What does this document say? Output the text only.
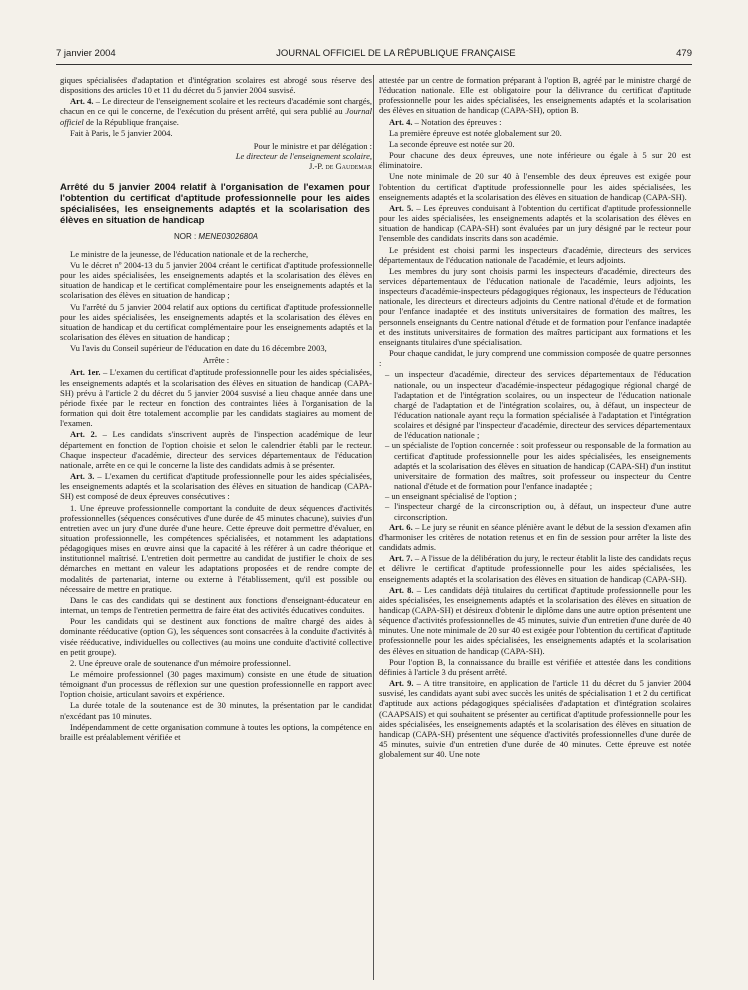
7 janvier 2004	JOURNAL OFFICIEL DE LA RÉPUBLIQUE FRANÇAISE	479

giques spécialisées d'adaptation et d'intégration scolaires est abrogé sous réserve des dispositions des articles 10 et 11 du décret du 5 janvier 2004 susvisé.

Art. 4. – Le directeur de l'enseignement scolaire et les recteurs d'académie sont chargés, chacun en ce qui le concerne, de l'exécution du présent arrêté, qui sera publié au Journal officiel de la République française.

Fait à Paris, le 5 janvier 2004.

Pour le ministre et par délégation :

Le directeur de l'enseignement scolaire,

J.-P. de Gaudemar

Arrêté du 5 janvier 2004 relatif à l'organisation de l'examen pour l'obtention du certificat d'aptitude professionnelle pour les aides spécialisées, les enseignements adaptés et la scolarisation des élèves en situation de handicap
NOR : MENE0302680A

Le ministre de la jeunesse, de l'éducation nationale et de la recherche,

Vu le décret nº 2004-13 du 5 janvier 2004 créant le certificat d'aptitude professionnelle pour les aides spécialisées, les enseignements adaptés et la scolarisation des élèves en situation de handicap et le certificat complémentaire pour les enseignements adaptés et la scolarisation des élèves en situation de handicap ;

Vu l'arrêté du 5 janvier 2004 relatif aux options du certificat d'aptitude professionnelle pour les aides spécialisées, les enseignements adaptés et la scolarisation des élèves en situation de handicap et du certificat complémentaire pour les enseignements adaptés et la scolarisation des élèves en situation de handicap ;

Vu l'avis du Conseil supérieur de l'éducation en date du 16 décembre 2003,

Arrête :

Art. 1er. – L'examen du certificat d'aptitude professionnelle pour les aides spécialisées, les enseignements adaptés et la scolarisation des élèves en situation de handicap (CAPA-SH) prévu à l'article 2 du décret du 5 janvier 2004 susvisé a lieu chaque année dans une période fixée par le recteur en fonction des contraintes liées à l'organisation de la formation qui doit être totalement accomplie par les candidats stagiaires au moment de l'examen.

Art. 2. – Les candidats s'inscrivent auprès de l'inspection académique de leur département en fonction de l'option choisie et selon le calendrier établi par le recteur. Chaque inspecteur d'académie, directeur des services départementaux de l'éducation nationale, arrête en ce qui le concerne la liste des candidats admis à se présenter.

Art. 3. – L'examen du certificat d'aptitude professionnelle pour les aides spécialisées, les enseignements adaptés et la scolarisation des élèves en situation de handicap (CAPA-SH) est composé de deux épreuves consécutives :

1. Une épreuve professionnelle comportant la conduite de deux séquences d'activités professionnelles (séquences consécutives d'une durée de 45 minutes chacune), suivies d'un entretien avec un jury d'une durée d'une heure. Cette épreuve doit permettre d'évaluer, en situation professionnelle, les compétences spécialisées, et notamment les adaptations pédagogiques mises en œuvre ainsi que la capacité à les référer à un cadre théorique et institutionnel maîtrisé. L'entretien doit permettre au candidat de justifier le choix de ses démarches en mettant en valeur les adaptations proposées et de rendre compte de modalités de partenariat, interne ou externe à l'établissement, qu'il est possible ou nécessaire de mettre en pratique.

Dans le cas des candidats qui se destinent aux fonctions d'enseignant-éducateur en internat, un temps de l'entretien permettra de faire état des activités éducatives conduites.

Pour les candidats qui se destinent aux fonctions de maître chargé des aides à dominante rééducative (option G), les séquences sont consacrées à la conduite d'activités à visée rééducative, individuelles ou collectives (au moins une conduite d'activité collective en petit groupe).

2. Une épreuve orale de soutenance d'un mémoire professionnel.

Le mémoire professionnel (30 pages maximum) consiste en une étude de situation témoignant d'un processus de réflexion sur une question professionnelle en rapport avec l'option choisie, articulant savoirs et expérience.

La durée totale de la soutenance est de 30 minutes, la présentation par le candidat n'excédant pas 10 minutes.

Indépendamment de cette organisation commune à toutes les options, la compétence en braille est préalablement vérifiée et

attestée par un centre de formation préparant à l'option B, agréé par le ministre chargé de l'éducation nationale. Elle est obligatoire pour la délivrance du certificat d'aptitude professionnelle pour les aides spécialisées, les enseignements adaptés et la scolarisation des élèves en situation de handicap (CAPA-SH), option B.

Art. 4. – Notation des épreuves :

La première épreuve est notée globalement sur 20.

La seconde épreuve est notée sur 20.

Pour chacune des deux épreuves, une note inférieure ou égale à 5 sur 20 est éliminatoire.

Une note minimale de 20 sur 40 à l'ensemble des deux épreuves est exigée pour l'obtention du certificat d'aptitude professionnelle pour les aides spécialisées, les enseignements adaptés et la scolarisation des élèves en situation de handicap (CAPA-SH).

Art. 5. – Les épreuves conduisant à l'obtention du certificat d'aptitude professionnelle pour les aides spécialisées, les enseignements adaptés et la scolarisation des élèves en situation de handicap (CAPA-SH) sont évaluées par un jury désigné par le recteur pour l'ensemble des candidats inscrits dans son académie.

Le président est choisi parmi les inspecteurs d'académie, directeurs des services départementaux de l'éducation nationale de l'académie, et leurs adjoints.

Les membres du jury sont choisis parmi les inspecteurs d'académie, directeurs des services départementaux de l'éducation nationale de l'académie, leurs adjoints, les inspecteurs d'académie-inspecteurs pédagogiques régionaux, les inspecteurs de l'éducation nationale, les directeurs et directeurs adjoints du Centre national d'étude et de formation pour l'enfance inadaptée et des instituts universitaires de formation des maîtres, les personnels enseignants du Centre national d'étude et de formation pour l'enfance inadaptée et des instituts universitaires de formation des maîtres participant aux formations et les enseignants titulaires d'une spécialisation.

Pour chaque candidat, le jury comprend une commission composée de quatre personnes :

– un inspecteur d'académie, directeur des services départementaux de l'éducation nationale, ou un inspecteur d'académie-inspecteur pédagogique régional chargé de l'adaptation et de l'intégration scolaires, ou un inspecteur de l'éducation nationale chargé de l'adaptation et de l'intégration scolaires, ou, à défaut, un inspecteur de l'éducation nationale ayant reçu la formation spécialisée à l'adaptation et l'intégration scolaires et désigné par l'inspecteur d'académie, directeur des services départementaux de l'éducation nationale ;
– un spécialiste de l'option concernée : soit professeur ou responsable de la formation au certificat d'aptitude professionnelle pour les aides spécialisées, les enseignements adaptés et la scolarisation des élèves en situation de handicap (CAPA-SH) d'un institut universitaire de formation des maîtres, soit professeur ou inspecteur du Centre national d'étude et de formation pour l'enfance inadaptée ;
– un enseignant spécialisé de l'option ;
– l'inspecteur chargé de la circonscription ou, à défaut, un inspecteur d'une autre circonscription.

Art. 6. – Le jury se réunit en séance plénière avant le début de la session d'examen afin d'harmoniser les critères de notation retenus et en fin de session pour arrêter la liste des candidats admis.

Art. 7. – A l'issue de la délibération du jury, le recteur établit la liste des candidats reçus et délivre le certificat d'aptitude professionnelle pour les aides spécialisées, les enseignements adaptés et la scolarisation des élèves en situation de handicap (CAPA-SH).

Art. 8. – Les candidats déjà titulaires du certificat d'aptitude professionnelle pour les aides spécialisées, les enseignements adaptés et la scolarisation des élèves en situation de handicap (CAPA-SH) et désireux d'obtenir le diplôme dans une autre option présentent une séquence d'activités professionnelles de 45 minutes, suivie d'un entretien d'une durée de 40 minutes. Une note minimale de 20 sur 40 est exigée pour l'obtention du certificat d'aptitude professionnelle pour les aides spécialisées, les enseignements adaptés et la scolarisation des élèves en situation de handicap (CAPA-SH).

Pour l'option B, la connaissance du braille est vérifiée et attestée dans les conditions définies à l'article 3 du présent arrêté.

Art. 9. – A titre transitoire, en application de l'article 11 du décret du 5 janvier 2004 susvisé, les candidats ayant subi avec succès les unités de spécialisation 1 et 2 du certificat d'aptitude aux actions pédagogiques spécialisées d'adaptation et d'intégration scolaires (CAAPSAIS) et qui souhaitent se présenter au certificat d'aptitude professionnelle pour les aides spécialisées, les enseignements adaptés et la scolarisation des élèves en situation de handicap (CAPA-SH) présentent une séquence d'activités professionnelles d'une durée de 45 minutes, suivie d'un entretien d'une durée de 40 minutes. Cette épreuve est notée globalement sur 40. Une note
